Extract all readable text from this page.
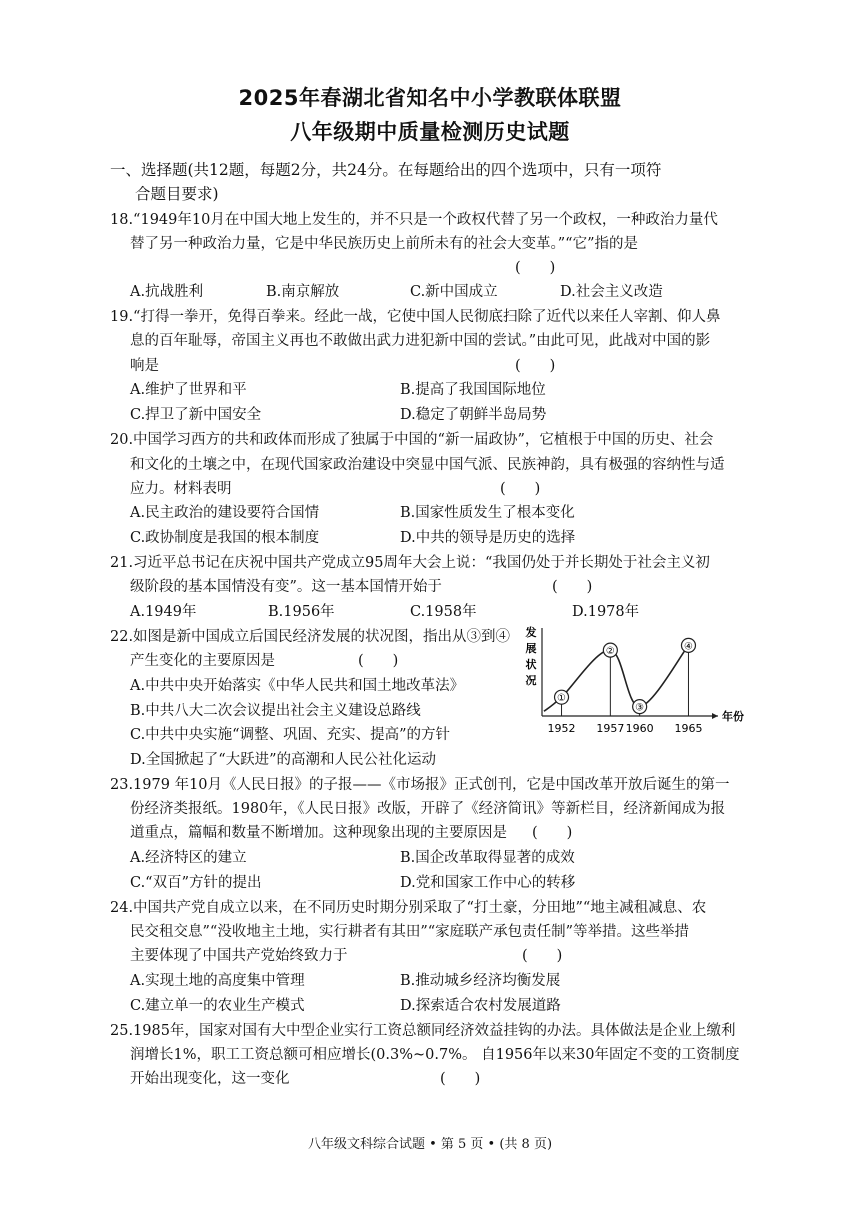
2025年春湖北省知名中小学教联体联盟
八年级期中质量检测历史试题
一、选择题(共12题，每题2分，共24分。在每题给出的四个选项中，只有一项符
合题目要求)
18.“1949年10月在中国大地上发生的，并不只是一个政权代替了另一个政权，一种政治力量代
替了另一种政治力量，它是中华民族历史上前所未有的社会大变革。”“它”指的是
(　　)
A.抗战胜利	B.南京解放	C.新中国成立	D.社会主义改造
19.“打得一拳开，免得百拳来。经此一战，它使中国人民彻底扫除了近代以来任人宰割、仰人鼻
息的百年耻辱，帝国主义再也不敢做出武力进犯新中国的尝试。”由此可见，此战对中国的影
响是	(　　)
A.维护了世界和平	B.提高了我国国际地位
C.捍卫了新中国安全	D.稳定了朝鲜半岛局势
20.中国学习西方的共和政体而形成了独属于中国的“新一届政协”，它植根于中国的历史、社会
和文化的土壤之中，在现代国家政治建设中突显中国气派、民族神韵，具有极强的容纳性与适
应力。材料表明	(　　)
A.民主政治的建设要符合国情	B.国家性质发生了根本变化
C.政协制度是我国的根本制度	D.中共的领导是历史的选择
21.习近平总书记在庆祝中国共产党成立95周年大会上说：“我国仍处于并长期处于社会主义初
级阶段的基本国情没有变”。这一基本国情开始于	(　　)
A.1949年	B.1956年	C.1958年	D.1978年
22.如图是新中国成立后国民经济发展的状况图，指出从③到④
产生变化的主要原因是	(　　)
A.中共中央开始落实《中华人民共和国土地改革法》
B.中共八大二次会议提出社会主义建设总路线
C.中共中央实施“调整、巩固、充实、提高”的方针
D.全国掀起了“大跃进”的高潮和人民公社化运动
发
展
状
况
年份
①
②
③
④
1952 1957 1960 1965
23.1979 年10月《人民日报》的子报——《市场报》正式创刊，它是中国改革开放后诞生的第一
份经济类报纸。1980年，《人民日报》改版，开辟了《经济简讯》等新栏目，经济新闻成为报
道重点，篇幅和数量不断增加。这种现象出现的主要原因是 (　　)
A.经济特区的建立	B.国企改革取得显著的成效
C.“双百”方针的提出	D.党和国家工作中心的转移
24.中国共产党自成立以来，在不同历史时期分别采取了“打土豪，分田地”“地主减租减息、农
民交租交息”“没收地主土地，实行耕者有其田”“家庭联产承包责任制”等举措。这些举措
主要体现了中国共产党始终致力于	(　　)
A.实现土地的高度集中管理	B.推动城乡经济均衡发展
C.建立单一的农业生产模式	D.探索适合农村发展道路
25.1985年，国家对国有大中型企业实行工资总额同经济效益挂钩的办法。具体做法是企业上缴利
润增长1%，职工工资总额可相应增长(0.3%~0.7%。 自1956年以来30年固定不变的工资制度
开始出现变化，这一变化	(　　)
八年级文科综合试题 • 第 5 页 • (共 8 页)
